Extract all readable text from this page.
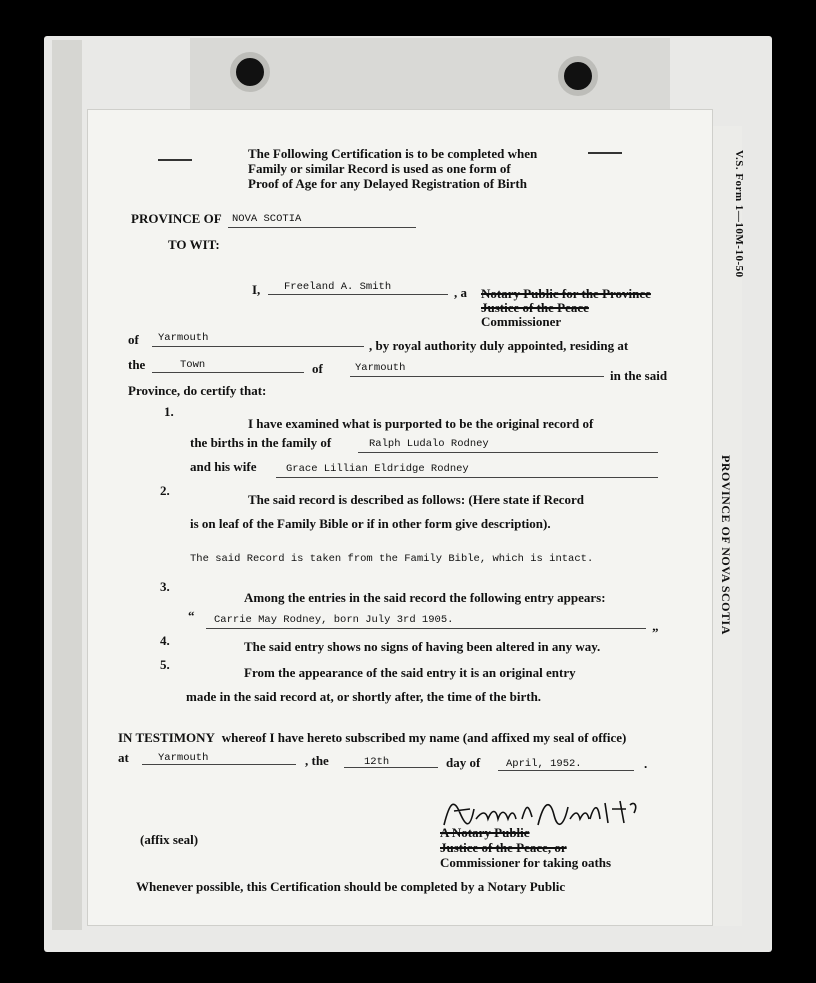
V.S. Form 1—10M-10-50
PROVINCE OF NOVA SCOTIA
The Following Certification is to be completed when
Family or similar Record is used as one form of
Proof of Age for any Delayed Registration of Birth
PROVINCE OF NOVA SCOTIA
TO WIT:
I, Freeland A. Smith	, a Notary Public for the Province
Justice of the Peace
Commissioner
of Yarmouth	, by royal authority duly appointed, residing at
the	Town	of	Yarmouth	in the said
Province, do certify that:
1.
I have examined what is purported to be the original record of
the births in the family of	Ralph Ludalo Rodney
and his wife	Grace Lillian Eldridge Rodney
2.
The said record is described as follows: (Here state if Record
is on leaf of the Family Bible or if in other form give description).
The said Record is taken from the Family Bible, which is intact.
3.
Among the entries in the said record the following entry appears:
“ Carrie May Rodney, born July 3rd 1905.
”
4.	The said entry shows no signs of having been altered in any way.
5.
From the appearance of the said entry it is an original entry
made in the said record at, or shortly after, the time of the birth.
IN TESTIMONY whereof I have hereto subscribed my name (and affixed my seal of office)
at	Yarmouth	, the	12th	day of April, 1952.	.
(affix seal)	A Notary Public
Justice of the Peace, or
Commissioner for taking oaths
Whenever possible, this Certification should be completed by a Notary Public
